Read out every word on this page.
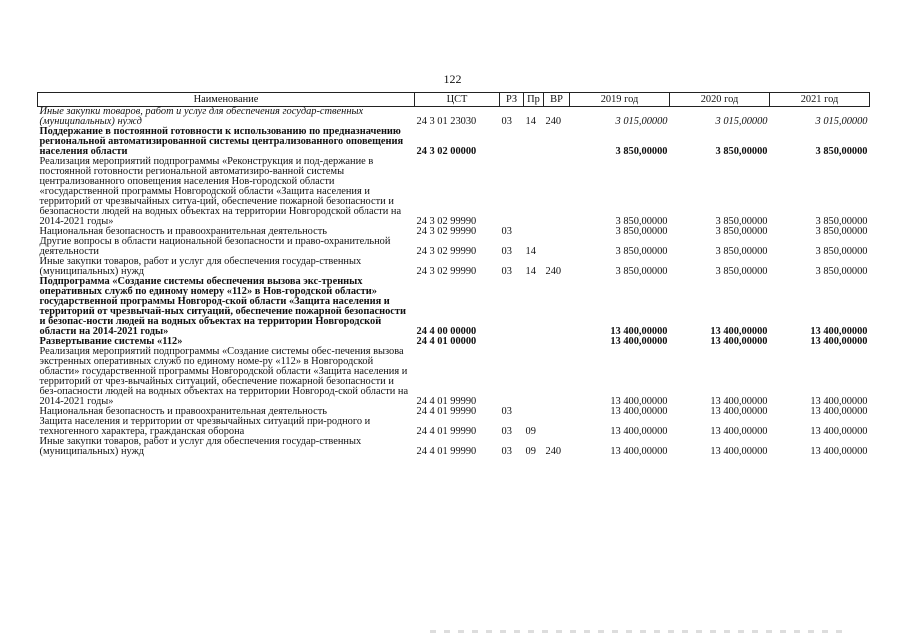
122
Наименование	ЦСТ	РЗ	Пр	ВР	2019 год	2020 год	2021 год
Иные закупки товаров, работ и услуг для обеспечения государ-ственных (муниципальных) нужд	24 3 01 23030	03	14	240	3 015,00000	3 015,00000	3 015,00000
Поддержание в постоянной готовности к использованию по предназначению региональной автоматизированной системы централизованного оповещения населения области	24 3 02 00000				3 850,00000	3 850,00000	3 850,00000
Реализация мероприятий подпрограммы «Реконструкция и под-держание в постоянной готовности региональной автоматизиро-ванной системы централизованного оповещения населения Нов-городской области «государственной программы Новгородской области «Защита населения и территорий от чрезвычайных ситуа-ций, обеспечение пожарной безопасности и безопасности людей на водных объектах на территории Новгородской области на 2014-2021 годы»	24 3 02 99990				3 850,00000	3 850,00000	3 850,00000
Национальная безопасность и правоохранительная деятельность	24 3 02 99990	03			3 850,00000	3 850,00000	3 850,00000
Другие вопросы в области национальной безопасности и право-охранительной деятельности	24 3 02 99990	03	14		3 850,00000	3 850,00000	3 850,00000
Иные закупки товаров, работ и услуг для обеспечения государ-ственных (муниципальных) нужд	24 3 02 99990	03	14	240	3 850,00000	3 850,00000	3 850,00000
Подпрограмма «Создание системы обеспечения вызова экс-тренных оперативных служб по единому номеру «112» в Нов-городской области» государственной программы Новгород-ской области «Защита населения и территорий от чрезвычай-ных ситуаций, обеспечение пожарной безопасности и безопас-ности людей на водных объектах на территории Новгородской области на 2014-2021 годы»	24 4 00 00000				13 400,00000	13 400,00000	13 400,00000
Развертывание системы «112»	24 4 01 00000				13 400,00000	13 400,00000	13 400,00000
Реализация мероприятий подпрограммы «Создание системы обес-печения вызова экстренных оперативных служб по единому номе-ру «112» в Новгородской области» государственной программы Новгородской области «Защита населения и территорий от чрез-вычайных ситуаций, обеспечение пожарной безопасности и без-опасности людей на водных объектах на территории Новгород-ской области на 2014-2021 годы»	24 4 01 99990				13 400,00000	13 400,00000	13 400,00000
Национальная безопасность и правоохранительная деятельность	24 4 01 99990	03			13 400,00000	13 400,00000	13 400,00000
Защита населения и территории от чрезвычайных ситуаций при-родного и техногенного характера, гражданская оборона	24 4 01 99990	03	09		13 400,00000	13 400,00000	13 400,00000
Иные закупки товаров, работ и услуг для обеспечения государ-ственных (муниципальных) нужд	24 4 01 99990	03	09	240	13 400,00000	13 400,00000	13 400,00000
